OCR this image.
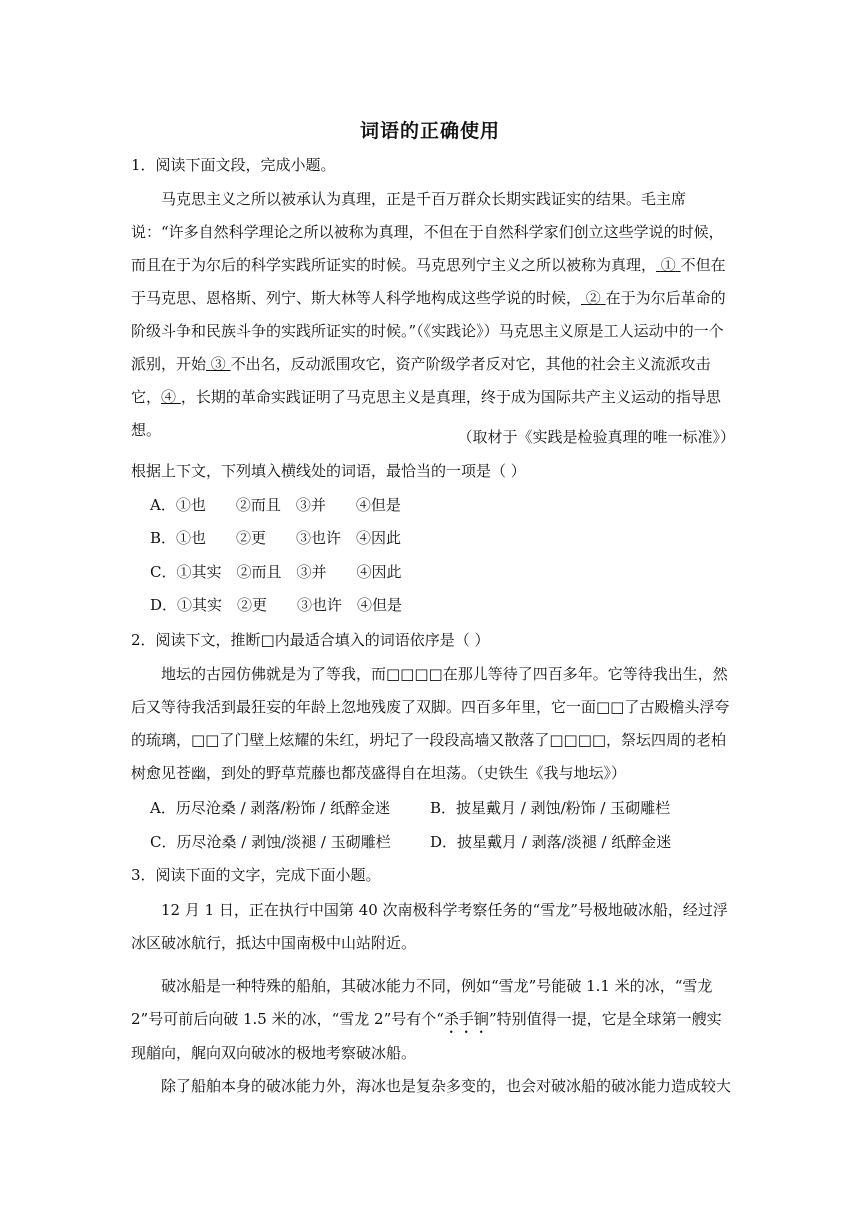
词语的正确使用
1．阅读下面文段，完成小题。
马克思主义之所以被承认为真理，正是千百万群众长期实践证实的结果。毛主席说：“许多自然科学理论之所以被称为真理，不但在于自然科学家们创立这些学说的时候，而且在于为尔后的科学实践所证实的时候。马克思列宁主义之所以被称为真理， ① 不但在于马克思、恩格斯、列宁、斯大林等人科学地构成这些学说的时候， ② 在于为尔后革命的阶级斗争和民族斗争的实践所证实的时候。”（《实践论》）马克思主义原是工人运动中的一个派别，开始 ③ 不出名，反动派围攻它，资产阶级学者反对它，其他的社会主义流派攻击它，④ ，长期的革命实践证明了马克思主义是真理，终于成为国际共产主义运动的指导思想。	（取材于《实践是检验真理的唯一标准》）
根据上下文，下列填入横线处的词语，最恰当的一项是（ ）
A．①也　　②而且　③并　　④但是
B．①也　　②更　　③也许　④因此
C．①其实　②而且　③并　　④因此
D．①其实　②更　　③也许　④但是
2．阅读下文，推断□内最适合填入的词语依序是（ ）
地坛的古园仿佛就是为了等我，而□□□□在那儿等待了四百多年。它等待我出生，然后又等待我活到最狂妄的年龄上忽地残废了双脚。四百多年里，它一面□□了古殿檐头浮夸的琉璃，□□了门壁上炫耀的朱红，坍圮了一段段高墙又散落了□□□□，祭坛四周的老柏树愈见苍幽，到处的野草荒藤也都茂盛得自在坦荡。（史铁生《我与地坛》）
A．历尽沧桑 / 剥落/粉饰 / 纸醉金迷	B．披星戴月 / 剥蚀/粉饰 / 玉砌雕栏
C．历尽沧桑 / 剥蚀/淡褪 / 玉砌雕栏	D．披星戴月 / 剥落/淡褪 / 纸醉金迷
3．阅读下面的文字，完成下面小题。
12 月 1 日，正在执行中国第 40 次南极科学考察任务的“雪龙”号极地破冰船，经过浮冰区破冰航行，抵达中国南极中山站附近。
破冰船是一种特殊的船舶，其破冰能力不同，例如“雪龙”号能破 1.1 米的冰，“雪龙 2”号可前后向破 1.5 米的冰，“雪龙 2”号有个“杀手锏”特别值得一提，它是全球第一艘实现艏向，艉向双向破冰的极地考察破冰船。
除了船舶本身的破冰能力外，海冰也是复杂多变的，也会对破冰船的破冰能力造成较大
